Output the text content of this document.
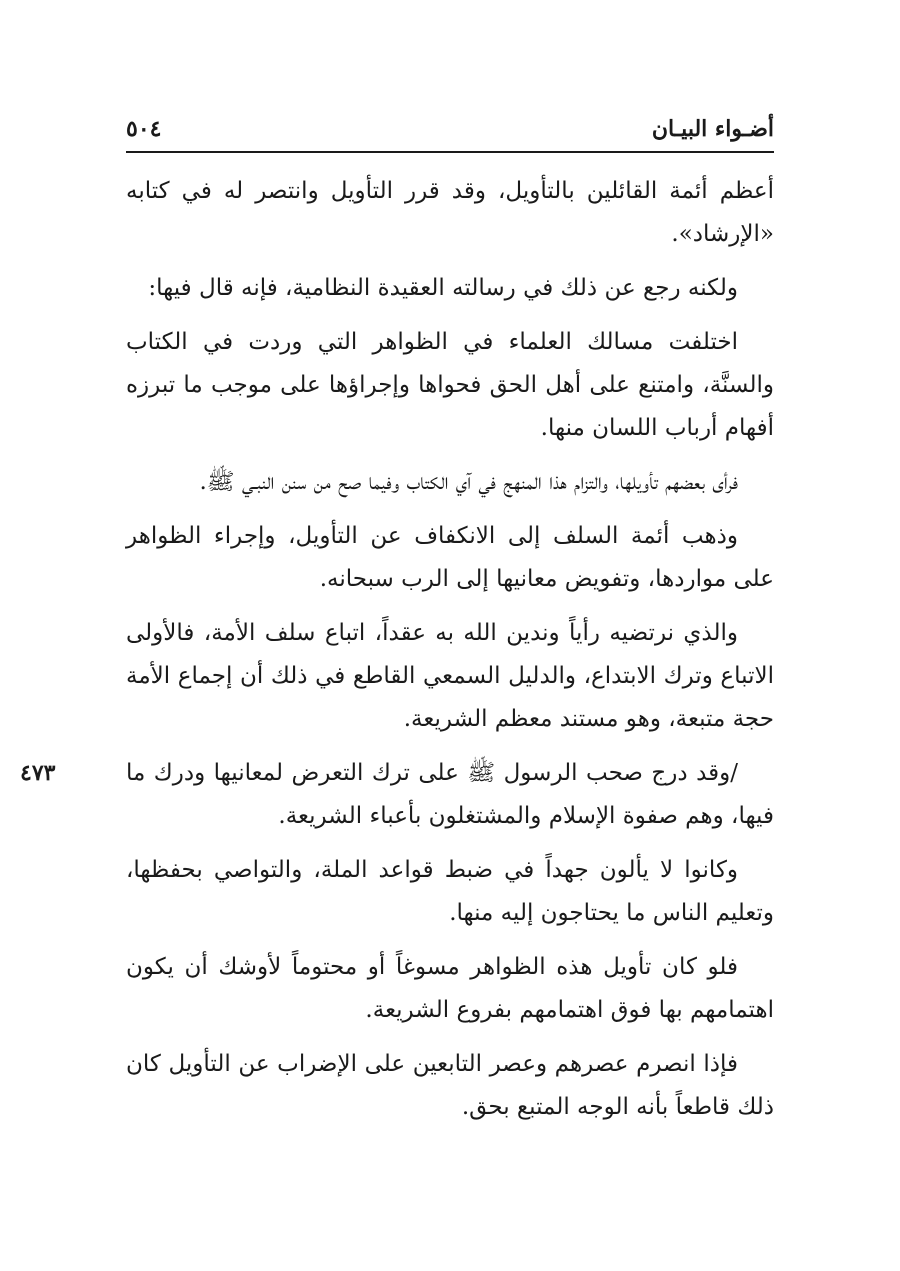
أضـواء البيـان
٥٠٤

أعظم أئمة القائلين بالتأويل، وقد قرر التأويل وانتصر له في كتابه «الإرشاد».

ولكنه رجع عن ذلك في رسالته العقيدة النظامية، فإنه قال فيها:

اختلفت مسالك العلماء في الظواهر التي وردت في الكتاب والسنَّة، وامتنع على أهل الحق فحواها وإجراؤها على موجب ما تبرزه أفهام أرباب اللسان منها.

فرأى بعضهم تأويلها، والتزام هذا المنهج في آي الكتاب وفيما صح من سنن النبـي ﷺ.

وذهب أئمة السلف إلى الانكفاف عن التأويل، وإجراء الظواهر على مواردها، وتفويض معانيها إلى الرب سبحانه.

والذي نرتضيه رأياً وندين الله به عقداً، اتباع سلف الأمة، فالأولى الاتباع وترك الابتداع، والدليل السمعي القاطع في ذلك أن إجماع الأمة حجة متبعة، وهو مستند معظم الشريعة.

٤٧٣	/وقد درج صحب الرسول ﷺ على ترك التعرض لمعانيها ودرك ما فيها، وهم صفوة الإسلام والمشتغلون بأعباء الشريعة.

وكانوا لا يألون جهداً في ضبط قواعد الملة، والتواصي بحفظها، وتعليم الناس ما يحتاجون إليه منها.

فلو كان تأويل هذه الظواهر مسوغاً أو محتوماً لأوشك أن يكون اهتمامهم بها فوق اهتمامهم بفروع الشريعة.

فإذا انصرم عصرهم وعصر التابعين على الإضراب عن التأويل كان ذلك قاطعاً بأنه الوجه المتبع بحق.
